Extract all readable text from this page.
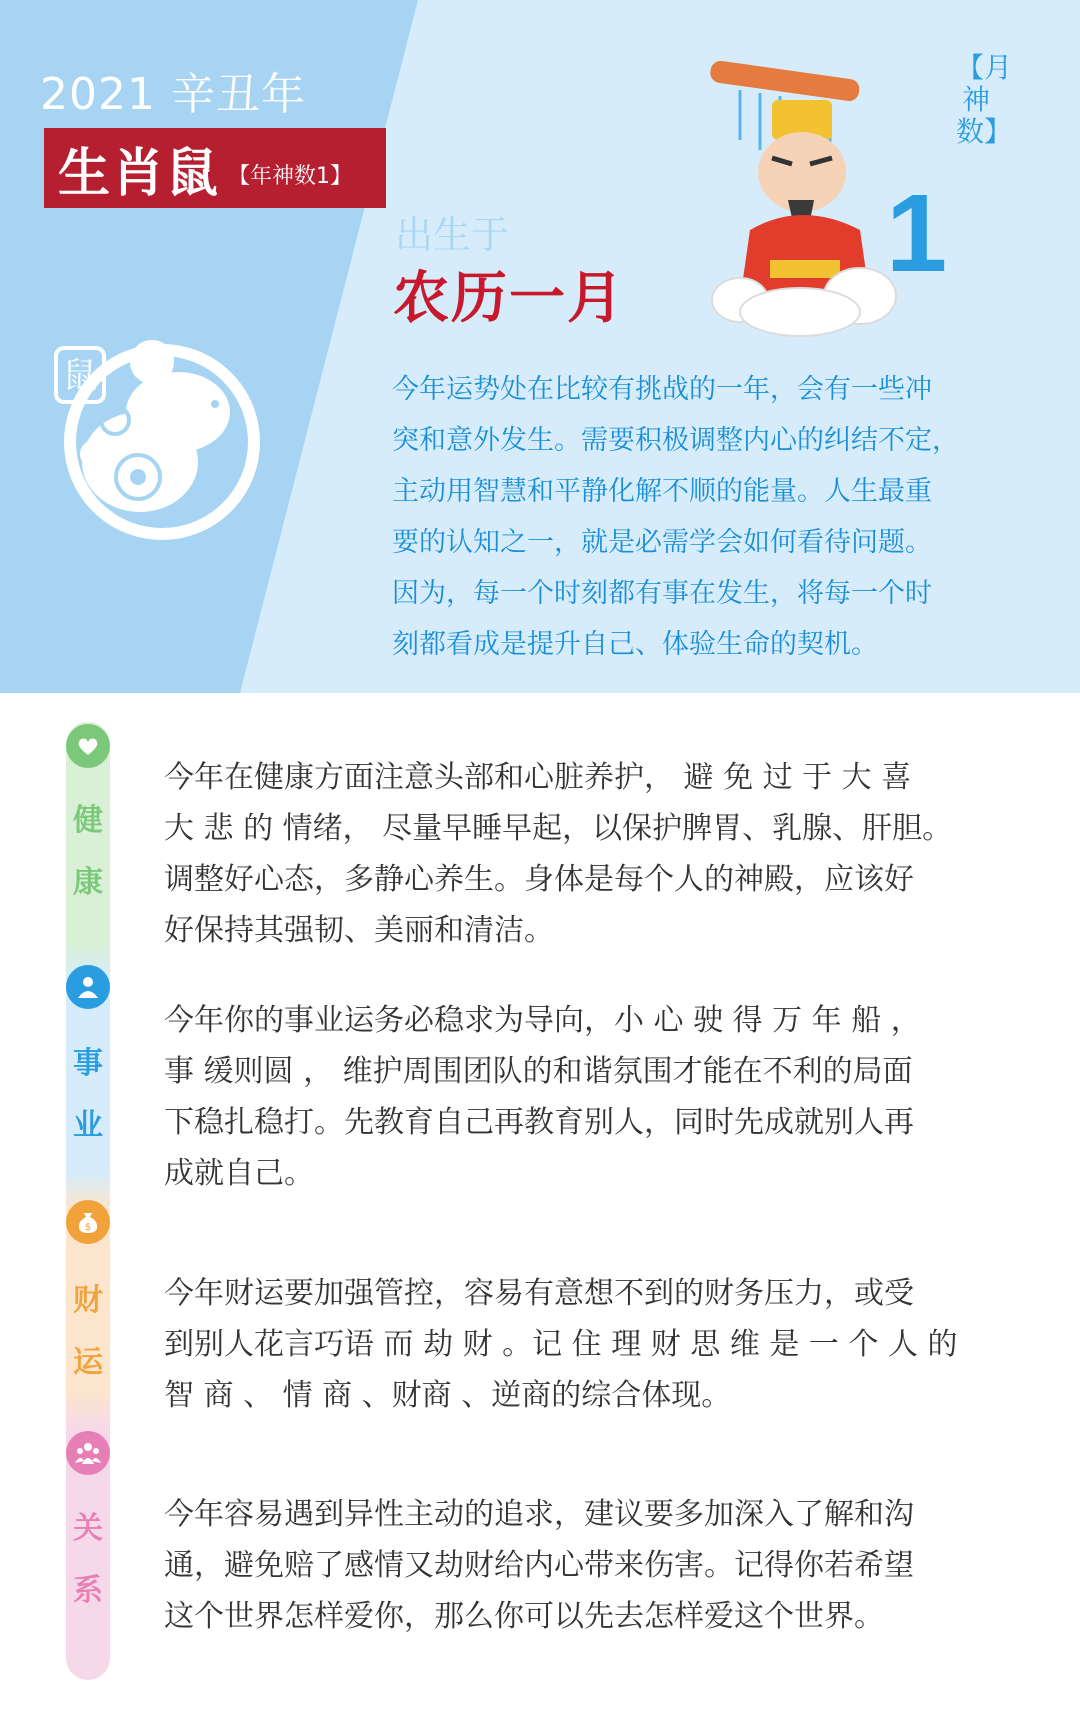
2021 辛丑年
生肖鼠 【年神数1】
鼠
出生于
农历一月
【月神数】
1

今年运势处在比较有挑战的一年，会有一些冲

突和意外发生。需要积极调整内心的纠结不定，

主动用智慧和平静化解不顺的能量。人生最重

要的认知之一，就是必需学会如何看待问题。

因为，每一个时刻都有事在发生，将每一个时

刻都看成是提升自己、体验生命的契机。

健
康

今年在健康方面注意头部和心脏养护， 避 免 过 于 大 喜

大 悲 的 情绪， 尽量早睡早起，以保护脾胃、乳腺、肝胆。

调整好心态，多静心养生。身体是每个人的神殿，应该好

好保持其强韧、美丽和清洁。

事
业

今年你的事业运务必稳求为导向，小 心 驶 得 万 年 船 ，

事 缓则圆 ， 维护周围团队的和谐氛围才能在不利的局面

下稳扎稳打。先教育自己再教育别人，同时先成就别人再

成就自己。

$
财
运

今年财运要加强管控，容易有意想不到的财务压力，或受

到别人花言巧语 而 劫 财 。记 住 理 财 思 维 是 一 个 人 的

智 商 、 情 商 、财商 、逆商的综合体现。

关
系

今年容易遇到异性主动的追求，建议要多加深入了解和沟

通，避免赔了感情又劫财给内心带来伤害。记得你若希望

这个世界怎样爱你，那么你可以先去怎样爱这个世界。
